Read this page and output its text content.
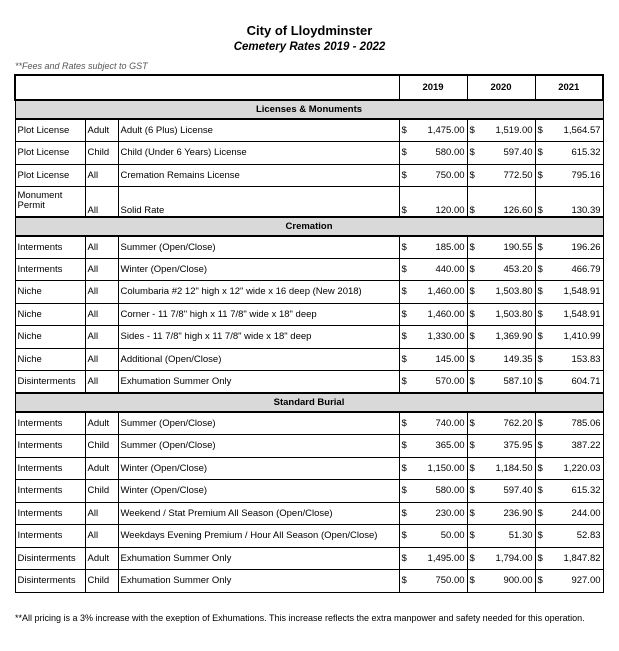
City of Lloydminster
Cemetery Rates 2019 - 2022
**Fees and Rates subject to GST
			2019	2020	2021
Licenses & Monuments					
Plot License	Adult	Adult (6 Plus) License	$ 1,475.00	$ 1,519.00	$ 1,564.57

Plot License	Child	Child (Under 6 Years) License	$ 580.00	$ 597.40	$ 615.32

Plot License	All	Cremation Remains License	$ 750.00	$ 772.50	$ 795.16

Monument Permit	All	Solid Rate	$ 120.00	$ 126.60	$ 130.39

Cremation					
Interments	All	Summer (Open/Close)	$ 185.00	$ 190.55	$ 196.26

Interments	All	Winter (Open/Close)	$ 440.00	$ 453.20	$ 466.79

Niche	All	Columbaria #2 12" high x 12" wide x 16 deep (New 2018)	$ 1,460.00	$ 1,503.80	$ 1,548.91

Niche	All	Corner - 11 7/8" high x 11 7/8" wide x 18" deep	$ 1,460.00	$ 1,503.80	$ 1,548.91

Niche	All	Sides - 11 7/8" high x 11 7/8" wide x 18" deep	$ 1,330.00	$ 1,369.90	$ 1,410.99

Niche	All	Additional (Open/Close)	$ 145.00	$ 149.35	$ 153.83

Disinterments	All	Exhumation Summer Only	$ 570.00	$ 587.10	$ 604.71

Standard Burial					
Interments	Adult	Summer (Open/Close)	$ 740.00	$ 762.20	$ 785.06

Interments	Child	Summer (Open/Close)	$ 365.00	$ 375.95	$ 387.22

Interments	Adult	Winter (Open/Close)	$ 1,150.00	$ 1,184.50	$ 1,220.03

Interments	Child	Winter (Open/Close)	$ 580.00	$ 597.40	$ 615.32

Interments	All	Weekend / Stat Premium All Season (Open/Close)	$ 230.00	$ 236.90	$ 244.00

Interments	All	Weekdays Evening Premium / Hour All Season (Open/Close)	$ 50.00	$ 51.30	$ 52.83

Disinterments	Adult	Exhumation Summer Only	$ 1,495.00	$ 1,794.00	$ 1,847.82

Disinterments	Child	Exhumation Summer Only	$ 750.00	$ 900.00	$ 927.00
**All pricing is a 3% increase with the exeption of Exhumations. This increase reflects the extra manpower and safety needed for this operation.
